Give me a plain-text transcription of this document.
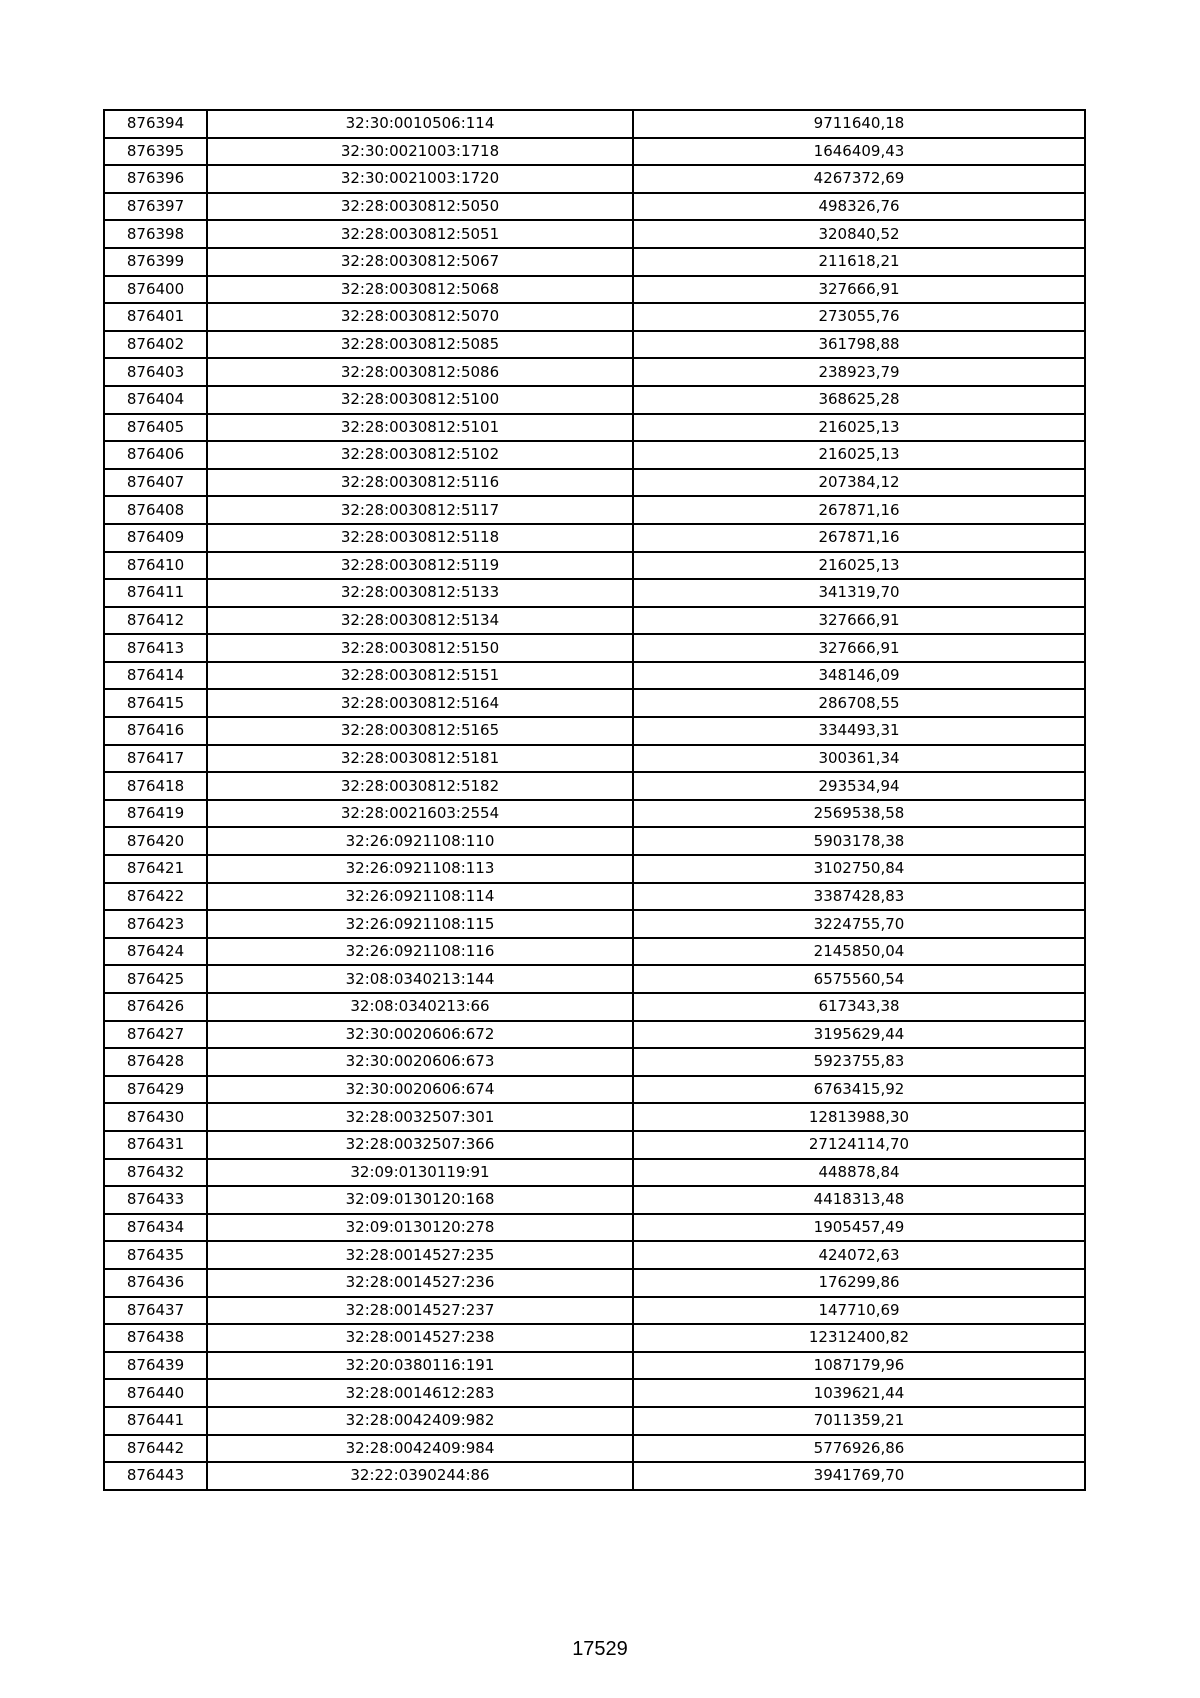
876394	32:30:0010506:114	9711640,18
876395	32:30:0021003:1718	1646409,43
876396	32:30:0021003:1720	4267372,69
876397	32:28:0030812:5050	498326,76
876398	32:28:0030812:5051	320840,52
876399	32:28:0030812:5067	211618,21
876400	32:28:0030812:5068	327666,91
876401	32:28:0030812:5070	273055,76
876402	32:28:0030812:5085	361798,88
876403	32:28:0030812:5086	238923,79
876404	32:28:0030812:5100	368625,28
876405	32:28:0030812:5101	216025,13
876406	32:28:0030812:5102	216025,13
876407	32:28:0030812:5116	207384,12
876408	32:28:0030812:5117	267871,16
876409	32:28:0030812:5118	267871,16
876410	32:28:0030812:5119	216025,13
876411	32:28:0030812:5133	341319,70
876412	32:28:0030812:5134	327666,91
876413	32:28:0030812:5150	327666,91
876414	32:28:0030812:5151	348146,09
876415	32:28:0030812:5164	286708,55
876416	32:28:0030812:5165	334493,31
876417	32:28:0030812:5181	300361,34
876418	32:28:0030812:5182	293534,94
876419	32:28:0021603:2554	2569538,58
876420	32:26:0921108:110	5903178,38
876421	32:26:0921108:113	3102750,84
876422	32:26:0921108:114	3387428,83
876423	32:26:0921108:115	3224755,70
876424	32:26:0921108:116	2145850,04
876425	32:08:0340213:144	6575560,54
876426	32:08:0340213:66	617343,38
876427	32:30:0020606:672	3195629,44
876428	32:30:0020606:673	5923755,83
876429	32:30:0020606:674	6763415,92
876430	32:28:0032507:301	12813988,30
876431	32:28:0032507:366	27124114,70
876432	32:09:0130119:91	448878,84
876433	32:09:0130120:168	4418313,48
876434	32:09:0130120:278	1905457,49
876435	32:28:0014527:235	424072,63
876436	32:28:0014527:236	176299,86
876437	32:28:0014527:237	147710,69
876438	32:28:0014527:238	12312400,82
876439	32:20:0380116:191	1087179,96
876440	32:28:0014612:283	1039621,44
876441	32:28:0042409:982	7011359,21
876442	32:28:0042409:984	5776926,86
876443	32:22:0390244:86	3941769,70
17529
